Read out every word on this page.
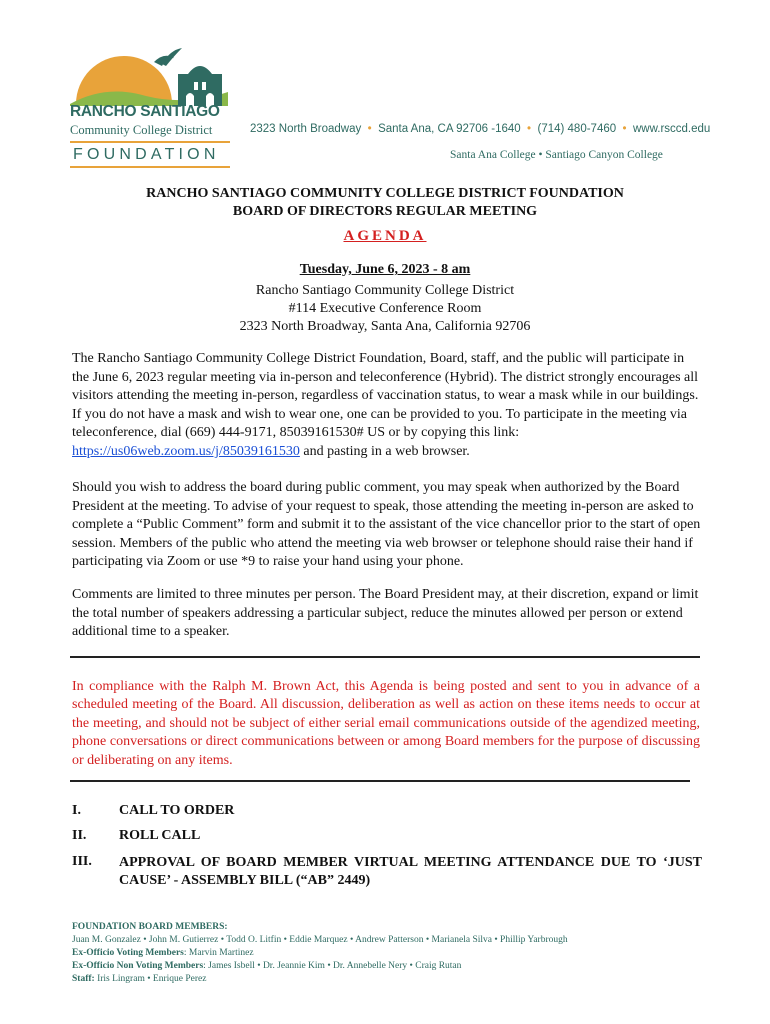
RANCHO SANTIAGO
Community College District
FOUNDATION
2323 North Broadway  •  Santa Ana, CA 92706 -1640  •  (714) 480-7460  •  www.rsccd.edu
Santa Ana College • Santiago Canyon College
RANCHO SANTIAGO COMMUNITY COLLEGE DISTRICT FOUNDATION
BOARD OF DIRECTORS REGULAR MEETING
AGENDA
Tuesday, June 6, 2023 - 8 am
Rancho Santiago Community College District
#114 Executive Conference Room
2323 North Broadway, Santa Ana, California 92706
The Rancho Santiago Community College District Foundation, Board, staff, and the public will participate in the June 6, 2023 regular meeting via in-person and teleconference (Hybrid). The district strongly encourages all visitors attending the meeting in-person, regardless of vaccination status, to wear a mask while in our buildings. If you do not have a mask and wish to wear one, one can be provided to you. To participate in the meeting via teleconference, dial (669) 444-9171, 85039161530# US or by copying this link: https://us06web.zoom.us/j/85039161530 and pasting in a web browser.
Should you wish to address the board during public comment, you may speak when authorized by the Board President at the meeting. To advise of your request to speak, those attending the meeting in-person are asked to complete a “Public Comment” form and submit it to the assistant of the vice chancellor prior to the start of open session. Members of the public who attend the meeting via web browser or telephone should raise their hand if participating via Zoom or use *9 to raise your hand using your phone.
Comments are limited to three minutes per person. The Board President may, at their discretion, expand or limit the total number of speakers addressing a particular subject, reduce the minutes allowed per person or extend additional time to a speaker.
In compliance with the Ralph M. Brown Act, this Agenda is being posted and sent to you in advance of a scheduled meeting of the Board. All discussion, deliberation as well as action on these items needs to occur at the meeting, and should not be subject of either serial email communications outside of the agendized meeting, phone conversations or direct communications between or among Board members for the purpose of discussing or deliberating on any items.
I.	CALL TO ORDER
II. ROLL CALL
III. APPROVAL OF BOARD MEMBER VIRTUAL MEETING ATTENDANCE DUE TO ‘JUST CAUSE’ - ASSEMBLY BILL (“AB” 2449)
FOUNDATION BOARD MEMBERS:
Juan M. Gonzalez • John M. Gutierrez • Todd O. Litfin • Eddie Marquez • Andrew Patterson • Marianela Silva • Phillip Yarbrough
Ex-Officio Voting Members: Marvin Martinez
Ex-Officio Non Voting Members: James Isbell • Dr. Jeannie Kim • Dr. Annebelle Nery • Craig Rutan
Staff: Iris Lingram • Enrique Perez
